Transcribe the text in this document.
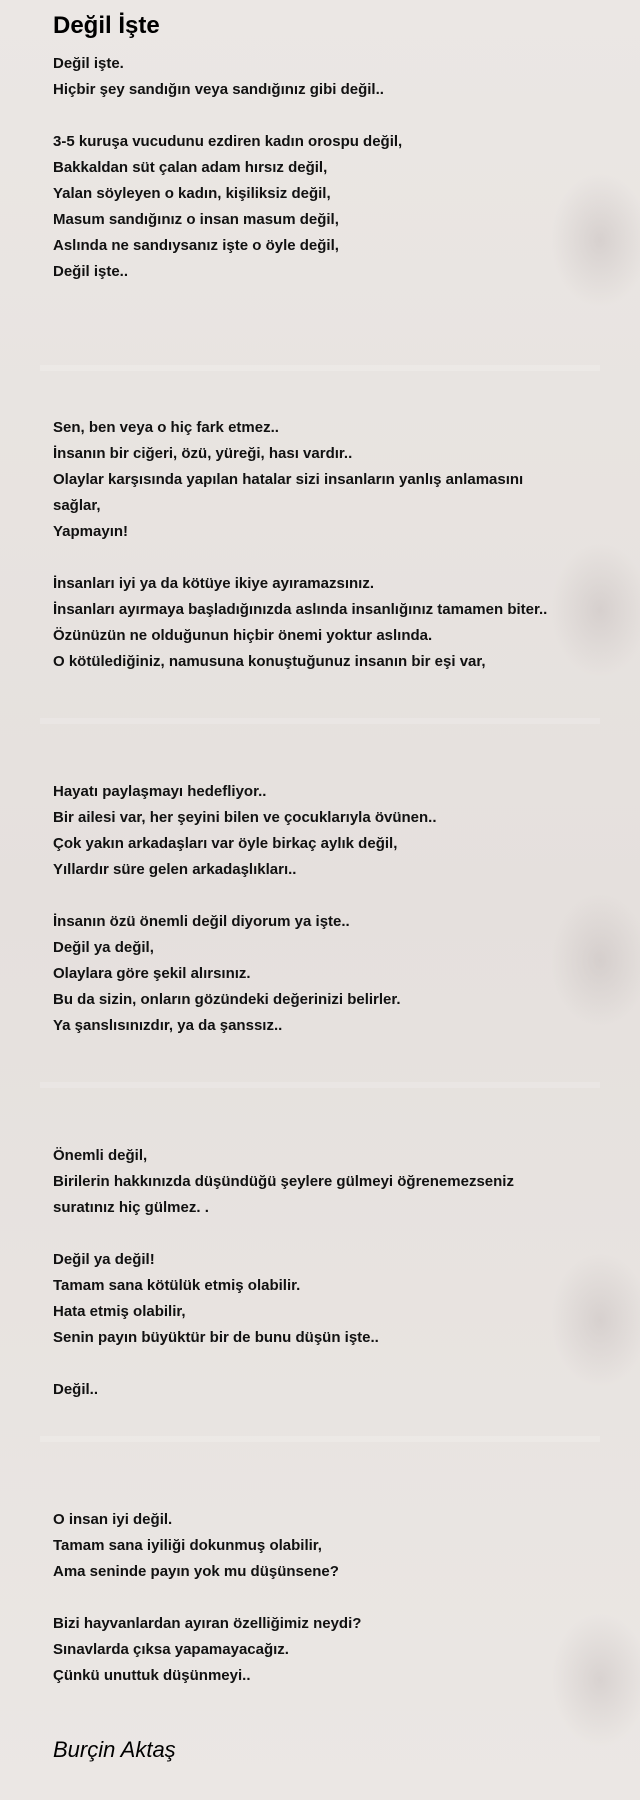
Değil İşte
Değil işte.
Hiçbir şey sandığın veya sandığınız gibi değil..
3-5 kuruşa vucudunu ezdiren kadın orospu değil,
Bakkaldan süt çalan adam hırsız değil,
Yalan söyleyen o kadın, kişiliksiz değil,
Masum sandığınız o insan masum değil,
Aslında ne sandıysanız işte o öyle değil,
Değil işte..
Sen, ben veya o hiç fark etmez..
İnsanın bir ciğeri, özü, yüreği, hası vardır..
Olaylar karşısında yapılan hatalar sizi insanların yanlış anlamasını
sağlar,
Yapmayın!
İnsanları iyi ya da kötüye ikiye ayıramazsınız.
İnsanları ayırmaya başladığınızda aslında insanlığınız tamamen biter..
Özünüzün ne olduğunun hiçbir önemi yoktur aslında.
O kötülediğiniz, namusuna konuştuğunuz insanın bir eşi var,
Hayatı paylaşmayı hedefliyor..
Bir ailesi var, her şeyini bilen ve çocuklarıyla övünen..
Çok yakın arkadaşları var öyle birkaç aylık değil,
Yıllardır süre gelen arkadaşlıkları..
İnsanın özü önemli değil diyorum ya işte..
Değil ya değil,
Olaylara göre şekil alırsınız.
Bu da sizin, onların gözündeki değerinizi belirler.
Ya şanslısınızdır, ya da şanssız..
Önemli değil,
Birilerin hakkınızda düşündüğü şeylere gülmeyi öğrenemezseniz
suratınız hiç gülmez. .
Değil ya değil!
Tamam sana kötülük etmiş olabilir.
Hata etmiş olabilir,
Senin payın büyüktür bir de bunu düşün işte..
Değil..
O insan iyi değil.
Tamam sana iyiliği dokunmuş olabilir,
Ama seninde payın yok mu düşünsene?
Bizi hayvanlardan ayıran özelliğimiz neydi?
Sınavlarda çıksa yapamayacağız.
Çünkü unuttuk düşünmeyi..
Burçin Aktaş
